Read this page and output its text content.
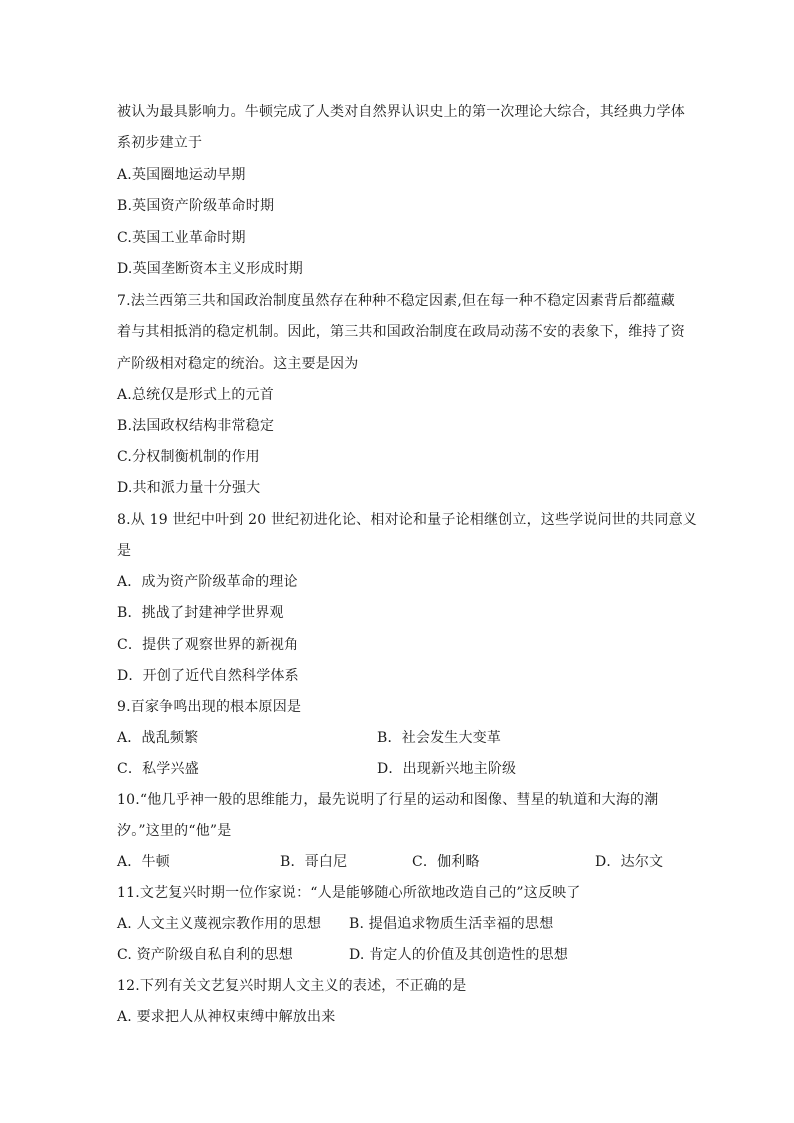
被认为最具影响力。牛顿完成了人类对自然界认识史上的第一次理论大综合，其经典力学体
系初步建立于
A.英国圈地运动早期
B.英国资产阶级革命时期
C.英国工业革命时期
D.英国垄断资本主义形成时期
7.法兰西第三共和国政治制度虽然存在种种不稳定因素,但在每一种不稳定因素背后都蕴藏
着与其相抵消的稳定机制。因此，第三共和国政治制度在政局动荡不安的表象下，维持了资
产阶级相对稳定的统治。这主要是因为
A.总统仅是形式上的元首
B.法国政权结构非常稳定
C.分权制衡机制的作用
D.共和派力量十分强大
8.从 19 世纪中叶到 20 世纪初进化论、相对论和量子论相继创立，这些学说问世的共同意义
是
A．成为资产阶级革命的理论
B．挑战了封建神学世界观
C．提供了观察世界的新视角
D．开创了近代自然科学体系
9.百家争鸣出现的根本原因是
A．战乱频繁	B．社会发生大变革
C．私学兴盛	D．出现新兴地主阶级
10.“他几乎神一般的思维能力，最先说明了行星的运动和图像、彗星的轨道和大海的潮
汐。”这里的“他”是
A．牛顿	B．哥白尼	C．伽利略	D．达尔文
11.文艺复兴时期一位作家说：“人是能够随心所欲地改造自己的”这反映了
A. 人文主义蔑视宗教作用的思想 B. 提倡追求物质生活幸福的思想
C. 资产阶级自私自利的思想	D. 肯定人的价值及其创造性的思想
12.下列有关文艺复兴时期人文主义的表述，不正确的是
A. 要求把人从神权束缚中解放出来
